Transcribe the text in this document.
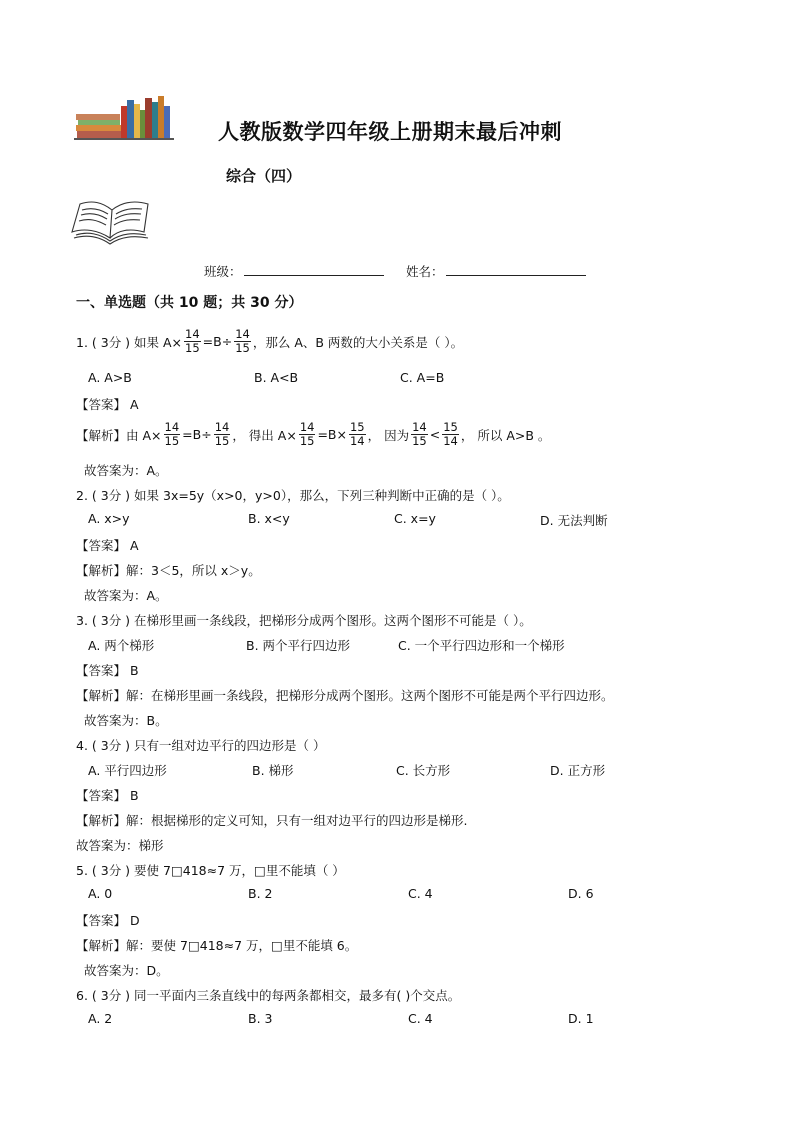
人教版数学四年级上册期末最后冲刺
综合（四）
班级：	姓名：
一、单选题（共 10 题；共 30 分）
1. ( 3分 ) 如果 $A\times \frac{14}{15} =B\div \frac{14}{15}$ ，那么 A、B 两数的大小关系是（ ）。
A. A>B	B. A<B	C. A=B
【答案】 A
【解析】 由 $A\times \frac{14}{15} =B\div \frac{14}{15}$ ， 得出 $A\times \frac{14}{15} =B\times \frac{15}{14}$ ， 因为 $\frac{14}{15} < \frac{15}{14}$ ， 所以 A>B 。
故答案为：A。
2. ( 3分 ) 如果 3x=5y（x>0，y>0），那么，下列三种判断中正确的是（ ）。
A. x>y	B. x<y	C. x=y	D. 无法判断
【答案】 A
【解析】解：3＜5，所以 x＞y。
故答案为：A。
3. ( 3分 ) 在梯形里画一条线段，把梯形分成两个图形。这两个图形不可能是（ ）。
A. 两个梯形	B. 两个平行四边形	C. 一个平行四边形和一个梯形
【答案】 B
【解析】解：在梯形里画一条线段，把梯形分成两个图形。这两个图形不可能是两个平行四边形。
故答案为：B。
4. ( 3分 ) 只有一组对边平行的四边形是（ ）
A. 平行四边形	B. 梯形	C. 长方形	D. 正方形
【答案】 B
【解析】解：根据梯形的定义可知，只有一组对边平行的四边形是梯形.
故答案为：梯形
5. ( 3分 ) 要使 7□418≈7 万，□里不能填（ ）
A. 0	B. 2	C. 4	D. 6
【答案】 D
【解析】解：要使 7□418≈7 万，□里不能填 6。
故答案为：D。
6. ( 3分 ) 同一平面内三条直线中的每两条都相交，最多有( )个交点。
A. 2	B. 3	C. 4	D. 1
